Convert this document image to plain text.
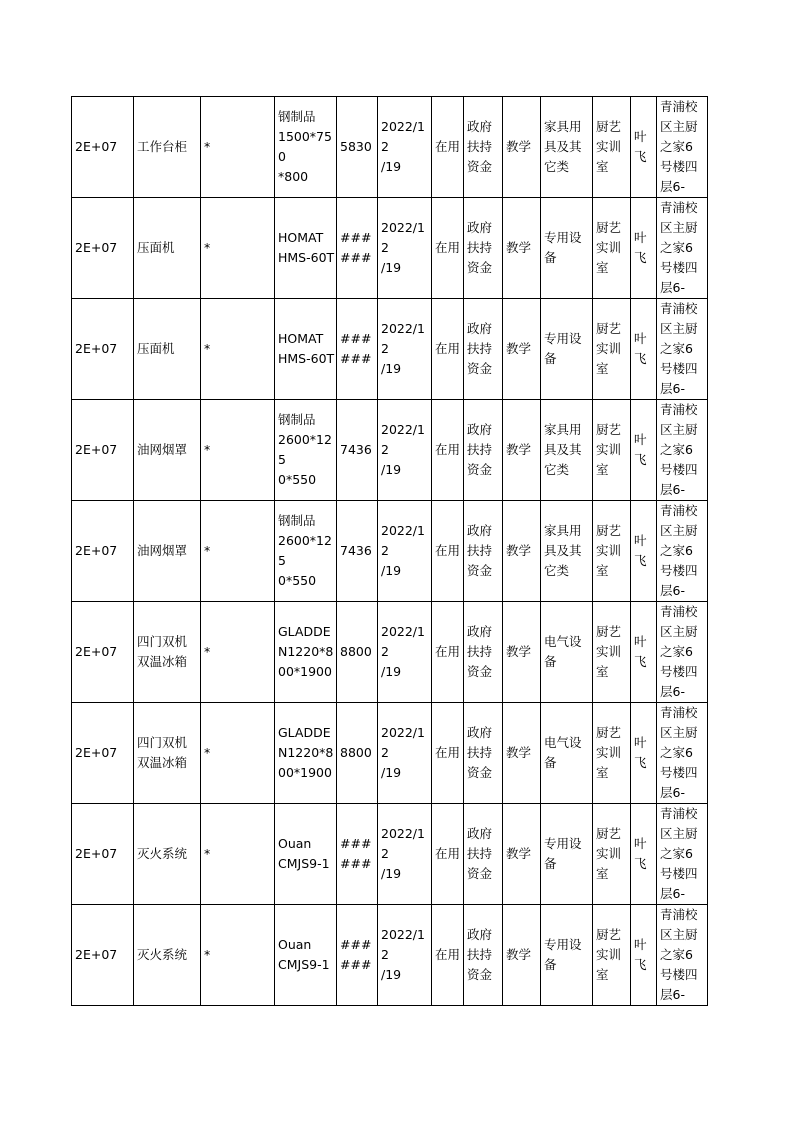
2E+07	工作台柜	*	钢制品
1500*750
*800	5830	2022/12
/19	在用	政府
扶持
资金	教学	家具用
具及其
它类	厨艺
实训
室	叶
飞	青浦校
区主厨
之家6
号楼四
层6-
2E+07	压面机	*	HOMAT
HMS-60T	######	2022/12
/19	在用	政府
扶持
资金	教学	专用设
备	厨艺
实训
室	叶
飞	青浦校
区主厨
之家6
号楼四
层6-
2E+07	压面机	*	HOMAT
HMS-60T	######	2022/12
/19	在用	政府
扶持
资金	教学	专用设
备	厨艺
实训
室	叶
飞	青浦校
区主厨
之家6
号楼四
层6-
2E+07	油网烟罩	*	钢制品
2600*125
0*550	7436	2022/12
/19	在用	政府
扶持
资金	教学	家具用
具及其
它类	厨艺
实训
室	叶
飞	青浦校
区主厨
之家6
号楼四
层6-
2E+07	油网烟罩	*	钢制品
2600*125
0*550	7436	2022/12
/19	在用	政府
扶持
资金	教学	家具用
具及其
它类	厨艺
实训
室	叶
飞	青浦校
区主厨
之家6
号楼四
层6-
2E+07	四门双机
双温冰箱	*	GLADDE
N1220*8
00*1900	8800	2022/12
/19	在用	政府
扶持
资金	教学	电气设
备	厨艺
实训
室	叶
飞	青浦校
区主厨
之家6
号楼四
层6-
2E+07	四门双机
双温冰箱	*	GLADDE
N1220*8
00*1900	8800	2022/12
/19	在用	政府
扶持
资金	教学	电气设
备	厨艺
实训
室	叶
飞	青浦校
区主厨
之家6
号楼四
层6-
2E+07	灭火系统	*	Ouan
CMJS9-1	######	2022/12
/19	在用	政府
扶持
资金	教学	专用设
备	厨艺
实训
室	叶
飞	青浦校
区主厨
之家6
号楼四
层6-
2E+07	灭火系统	*	Ouan
CMJS9-1	######	2022/12
/19	在用	政府
扶持
资金	教学	专用设
备	厨艺
实训
室	叶
飞	青浦校
区主厨
之家6
号楼四
层6-
